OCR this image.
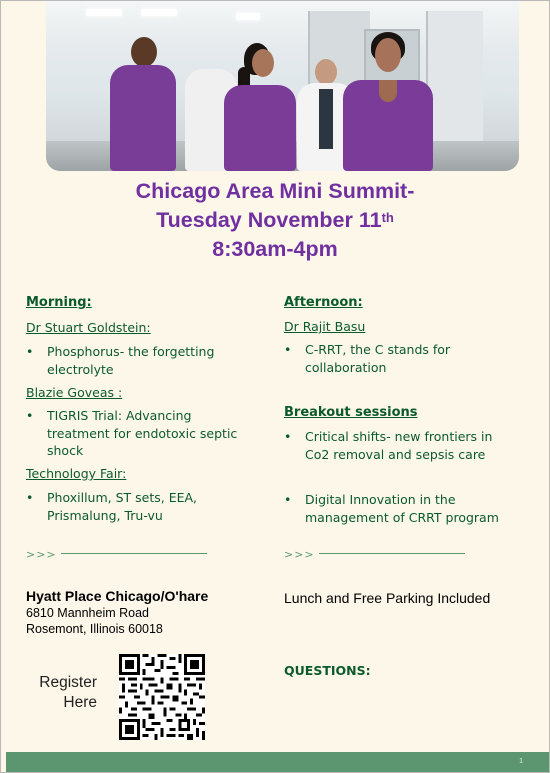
Chicago Area Mini Summit-
Tuesday November 11th
8:30am-4pm
Morning:
Dr Stuart Goldstein:
• Phosphorus- the forgetting
electrolyte
Blazie Goveas :
• TIGRIS Trial: Advancing
treatment for endotoxic septic
shock
Technology Fair:
• Phoxillum, ST sets, EEA,
Prismalung, Tru-vu
Afternoon:
Dr Rajit Basu
• C-RRT, the C stands for
collaboration
Breakout sessions
• Critical shifts- new frontiers in
Co2 removal and sepsis care
• Digital Innovation in the
management of CRRT program
>>>	>>>
Hyatt Place Chicago/O'hare
6810 Mannheim Road
Rosemont, Illinois 60018
Lunch and Free Parking Included
Register
Here
QUESTIONS:
1
